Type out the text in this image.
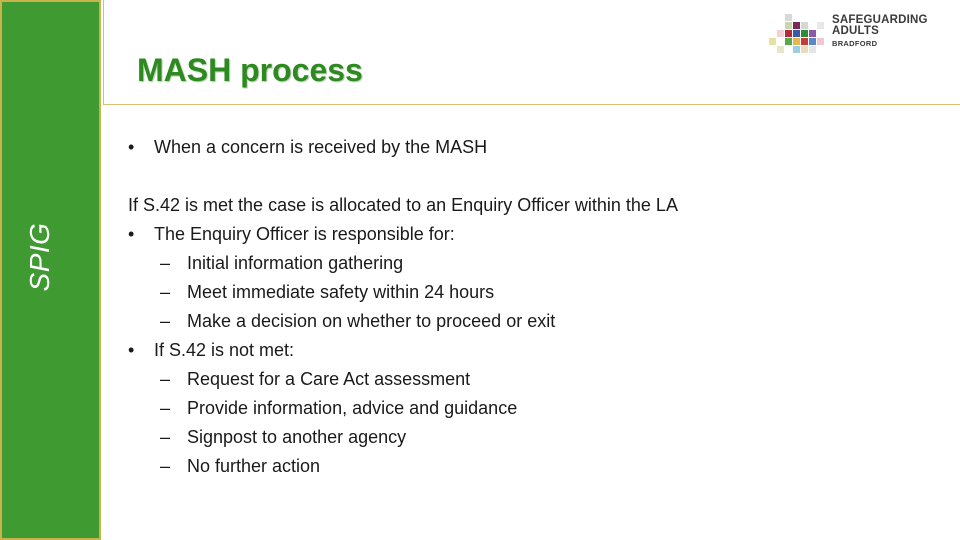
SPIG
MASH process
SAFEGUARDING
ADULTS
BRADFORD
•	When a concern is received by the MASH
If S.42 is met the case is allocated to an Enquiry Officer within the LA
•	The Enquiry Officer is responsible for:
– Initial information gathering
– Meet immediate safety within 24 hours
– Make a decision on whether to proceed or exit
•	If S.42 is not met:
– Request for a Care Act assessment
– Provide information, advice and guidance
– Signpost to another agency
– No further action
